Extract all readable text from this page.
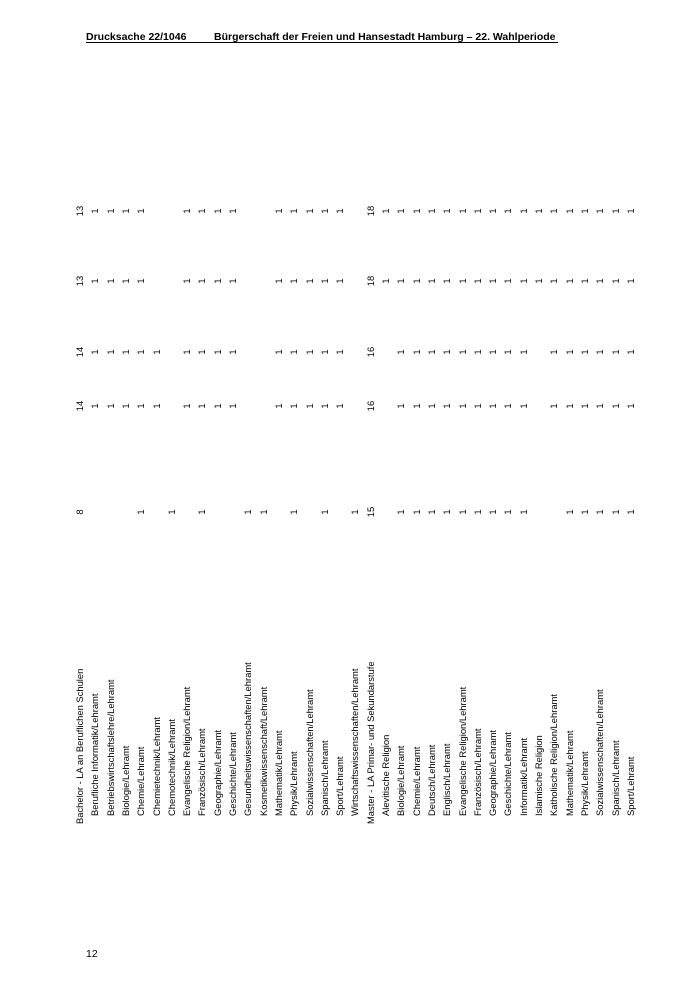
Drucksache 22/1046	Bürgerschaft der Freien und Hansestadt Hamburg – 22. Wahlperiode
Bachelor - LA an Beruflichen Schulen
8
14
14
13
13
Berufliche Informatik/Lehramt
1
1
1
1
Betriebswirtschaftslehre/Lehramt
1
1
1
1
Biologie/Lehramt
1
1
1
1
Chemie/Lehramt
1
1
1
1
1
Chemietechnik/Lehramt
1
1
Chemotechnik/Lehramt
1
Evangelische Religion/Lehramt
1
1
1
1
Französisch/Lehramt
1
1
1
1
1
Geographie/Lehramt
1
1
1
1
Geschichte/Lehramt
1
1
1
1
Gesundheitswissenschaften/Lehramt
1
Kosmetikwissenschaft/Lehramt
1
Mathematik/Lehramt
1
1
1
1
Physik/Lehramt
1
1
1
1
1
Sozialwissenschaften/Lehramt
1
1
1
1
Spanisch/Lehramt
1
1
1
1
1
Sport/Lehramt
1
1
1
1
Wirtschaftswissenschaften/Lehramt
1
Master - LA Primar- und Sekundarstufe
15
16
16
18
18
Alevitische Religion
1
1
Biologie/Lehramt
1
1
1
1
1
Chemie/Lehramt
1
1
1
1
1
Deutsch/Lehramt
1
1
1
1
1
Englisch/Lehramt
1
1
1
1
1
Evangelische Religion/Lehramt
1
1
1
1
1
Französisch/Lehramt
1
1
1
1
1
Geographie/Lehramt
1
1
1
1
1
Geschichte/Lehramt
1
1
1
1
1
Informatik/Lehramt
1
1
1
1
1
Islamische Religion
1
1
Katholische Religion/Lehramt
1
1
1
1
Mathematik/Lehramt
1
1
1
1
1
Physik/Lehramt
1
1
1
1
1
Sozialwissenschaften/Lehramt
1
1
1
1
1
Spanisch/Lehramt
1
1
1
1
1
Sport/Lehramt
1
1
1
1
1
12
